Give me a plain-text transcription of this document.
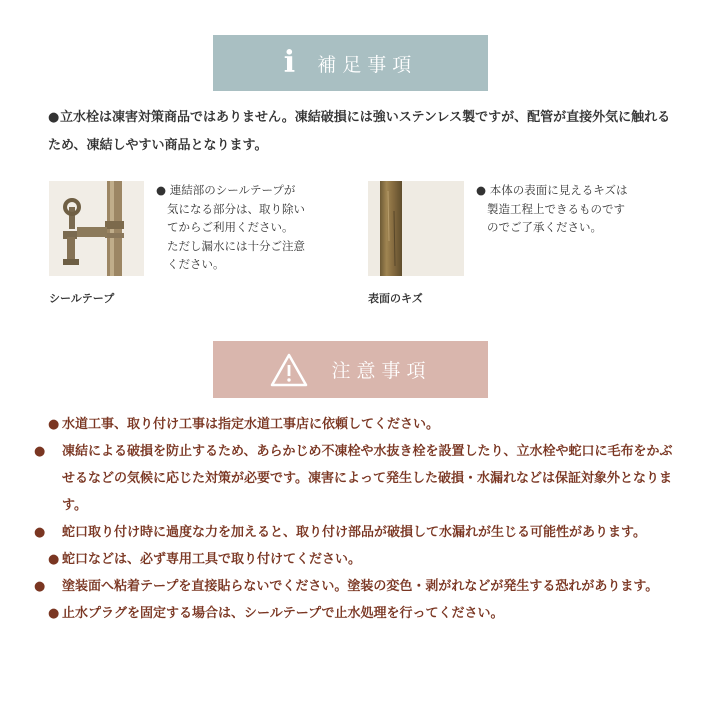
i 補足事項
●立水栓は凍害対策商品ではありません。凍結破損には強いステンレス製ですが、配管が直接外気に触れるため、凍結しやすい商品となります。
● 連結部のシールテープが
気になる部分は、取り除い
てからご利用ください。
ただし漏水には十分ご注意
ください。
シールテープ
● 本体の表面に見えるキズは
製造工程上できるものです
のでご了承ください。
表面のキズ
注意事項
● 水道工事、取り付け工事は指定水道工事店に依頼してください。
● 凍結による破損を防止するため、あらかじめ不凍栓や水抜き栓を設置したり、立水栓や蛇口に毛布をかぶせるなどの気候に応じた対策が必要です。凍害によって発生した破損・水漏れなどは保証対象外となります。
● 蛇口取り付け時に過度な力を加えると、取り付け部品が破損して水漏れが生じる可能性があります。
● 蛇口などは、必ず専用工具で取り付けてください。
● 塗装面へ粘着テープを直接貼らないでください。塗装の変色・剥がれなどが発生する恐れがあります。
● 止水プラグを固定する場合は、シールテープで止水処理を行ってください。
